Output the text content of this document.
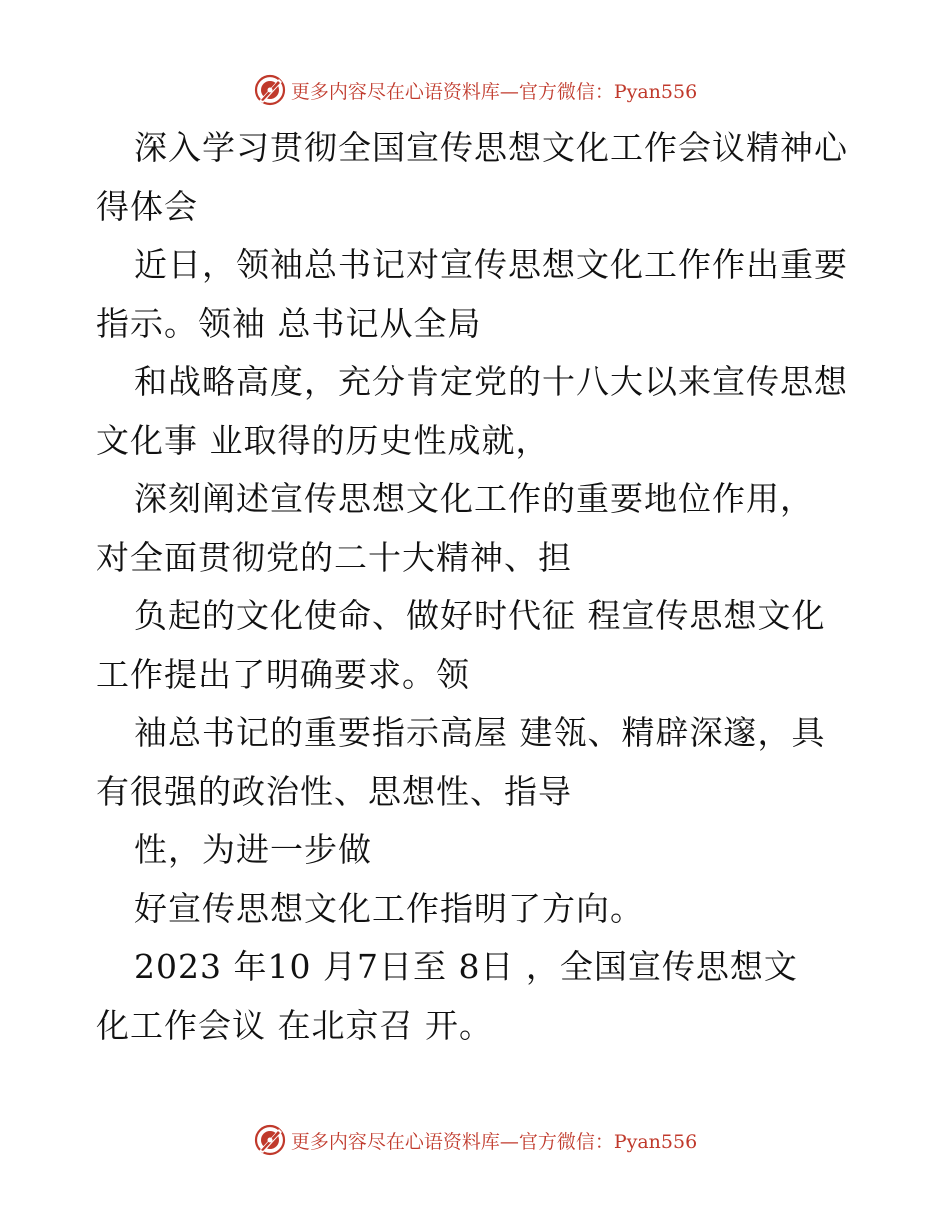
更多内容尽在心语资料库—官方微信：Pyan556
深入学习贯彻全国宣传思想文化工作会议精神心
得体会
近日，领袖总书记对宣传思想文化工作作出重要
指示。领袖 总书记从全局
和战略高度，充分肯定党的十八大以来宣传思想
文化事 业取得的历史性成就，
深刻阐述宣传思想文化工作的重要地位作用，
对全面贯彻党的二十大精神、担
负起的文化使命、做好时代征 程宣传思想文化
工作提出了明确要求。领
袖总书记的重要指示高屋 建瓴、精辟深邃，具
有很强的政治性、思想性、指导
性，为进一步做
好宣传思想文化工作指明了方向。
2023 年10 月7日至 8日 ，全国宣传思想文
化工作会议 在北京召 开。
更多内容尽在心语资料库—官方微信：Pyan556
